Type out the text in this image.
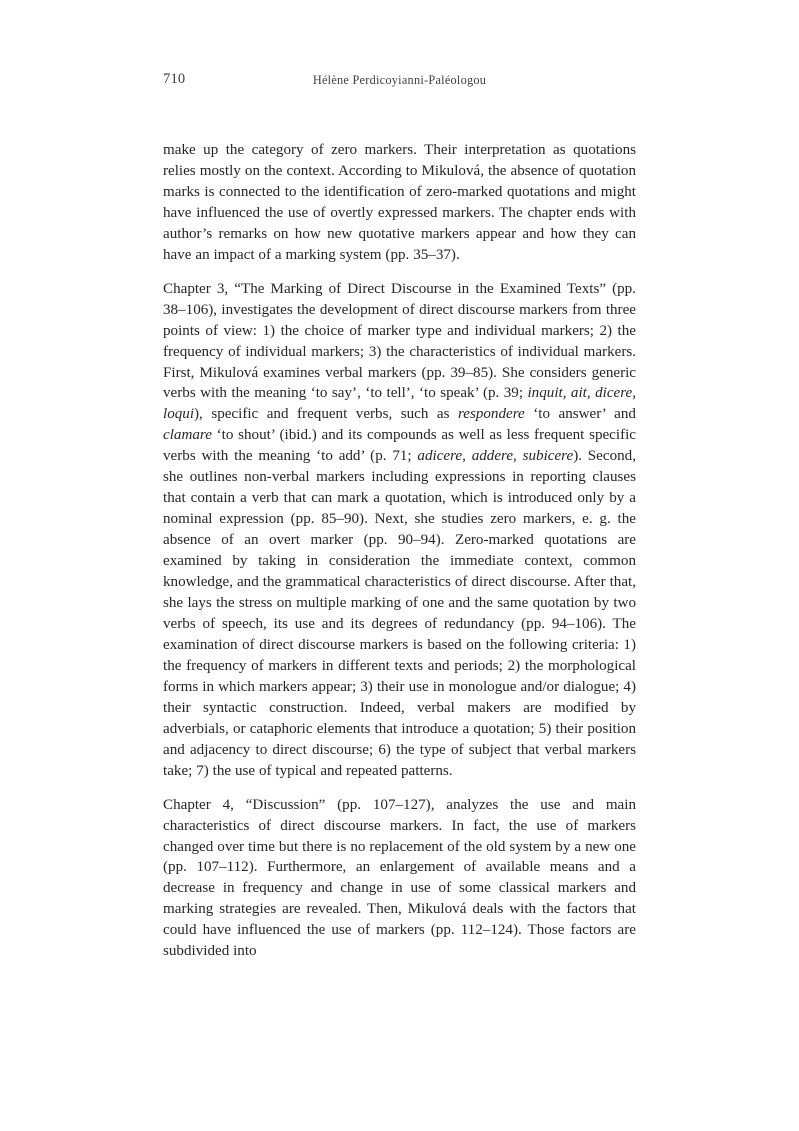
710	Hélène Perdicoyianni-Paléologou

make up the category of zero markers. Their interpretation as quotations relies mostly on the context. According to Mikulová, the absence of quotation marks is connected to the identification of zero-marked quotations and might have influenced the use of overtly expressed markers. The chapter ends with author’s remarks on how new quotative markers appear and how they can have an impact of a marking system (pp. 35–37).

Chapter 3, “The Marking of Direct Discourse in the Examined Texts” (pp. 38–106), investigates the development of direct discourse markers from three points of view: 1) the choice of marker type and individual markers; 2) the frequency of individual markers; 3) the characteristics of individual markers. First, Mikulová examines verbal markers (pp. 39–85). She considers generic verbs with the meaning ‘to say’, ‘to tell’, ‘to speak’ (p. 39; inquit, ait, dicere, loqui), specific and frequent verbs, such as respondere ‘to answer’ and clamare ‘to shout’ (ibid.) and its compounds as well as less frequent specific verbs with the meaning ‘to add’ (p. 71; adicere, addere, subicere). Second, she outlines non-verbal markers including expressions in reporting clauses that contain a verb that can mark a quotation, which is introduced only by a nominal expression (pp. 85–90). Next, she studies zero markers, e. g. the absence of an overt marker (pp. 90–94). Zero-marked quotations are examined by taking in consideration the immediate context, common knowledge, and the grammatical characteristics of direct discourse. After that, she lays the stress on multiple marking of one and the same quotation by two verbs of speech, its use and its degrees of redundancy (pp. 94–106). The examination of direct discourse markers is based on the following criteria: 1) the frequency of markers in different texts and periods; 2) the morphological forms in which markers appear; 3) their use in monologue and/or dialogue; 4) their syntactic construction. Indeed, verbal makers are modified by adverbials, or cataphoric elements that introduce a quotation; 5) their position and adjacency to direct discourse; 6) the type of subject that verbal markers take; 7) the use of typical and repeated patterns.

Chapter 4, “Discussion” (pp. 107–127), analyzes the use and main characteristics of direct discourse markers. In fact, the use of markers changed over time but there is no replacement of the old system by a new one (pp. 107–112). Furthermore, an enlargement of available means and a decrease in frequency and change in use of some classical markers and marking strategies are revealed. Then, Mikulová deals with the factors that could have influenced the use of markers (pp. 112–124). Those factors are subdivided into
